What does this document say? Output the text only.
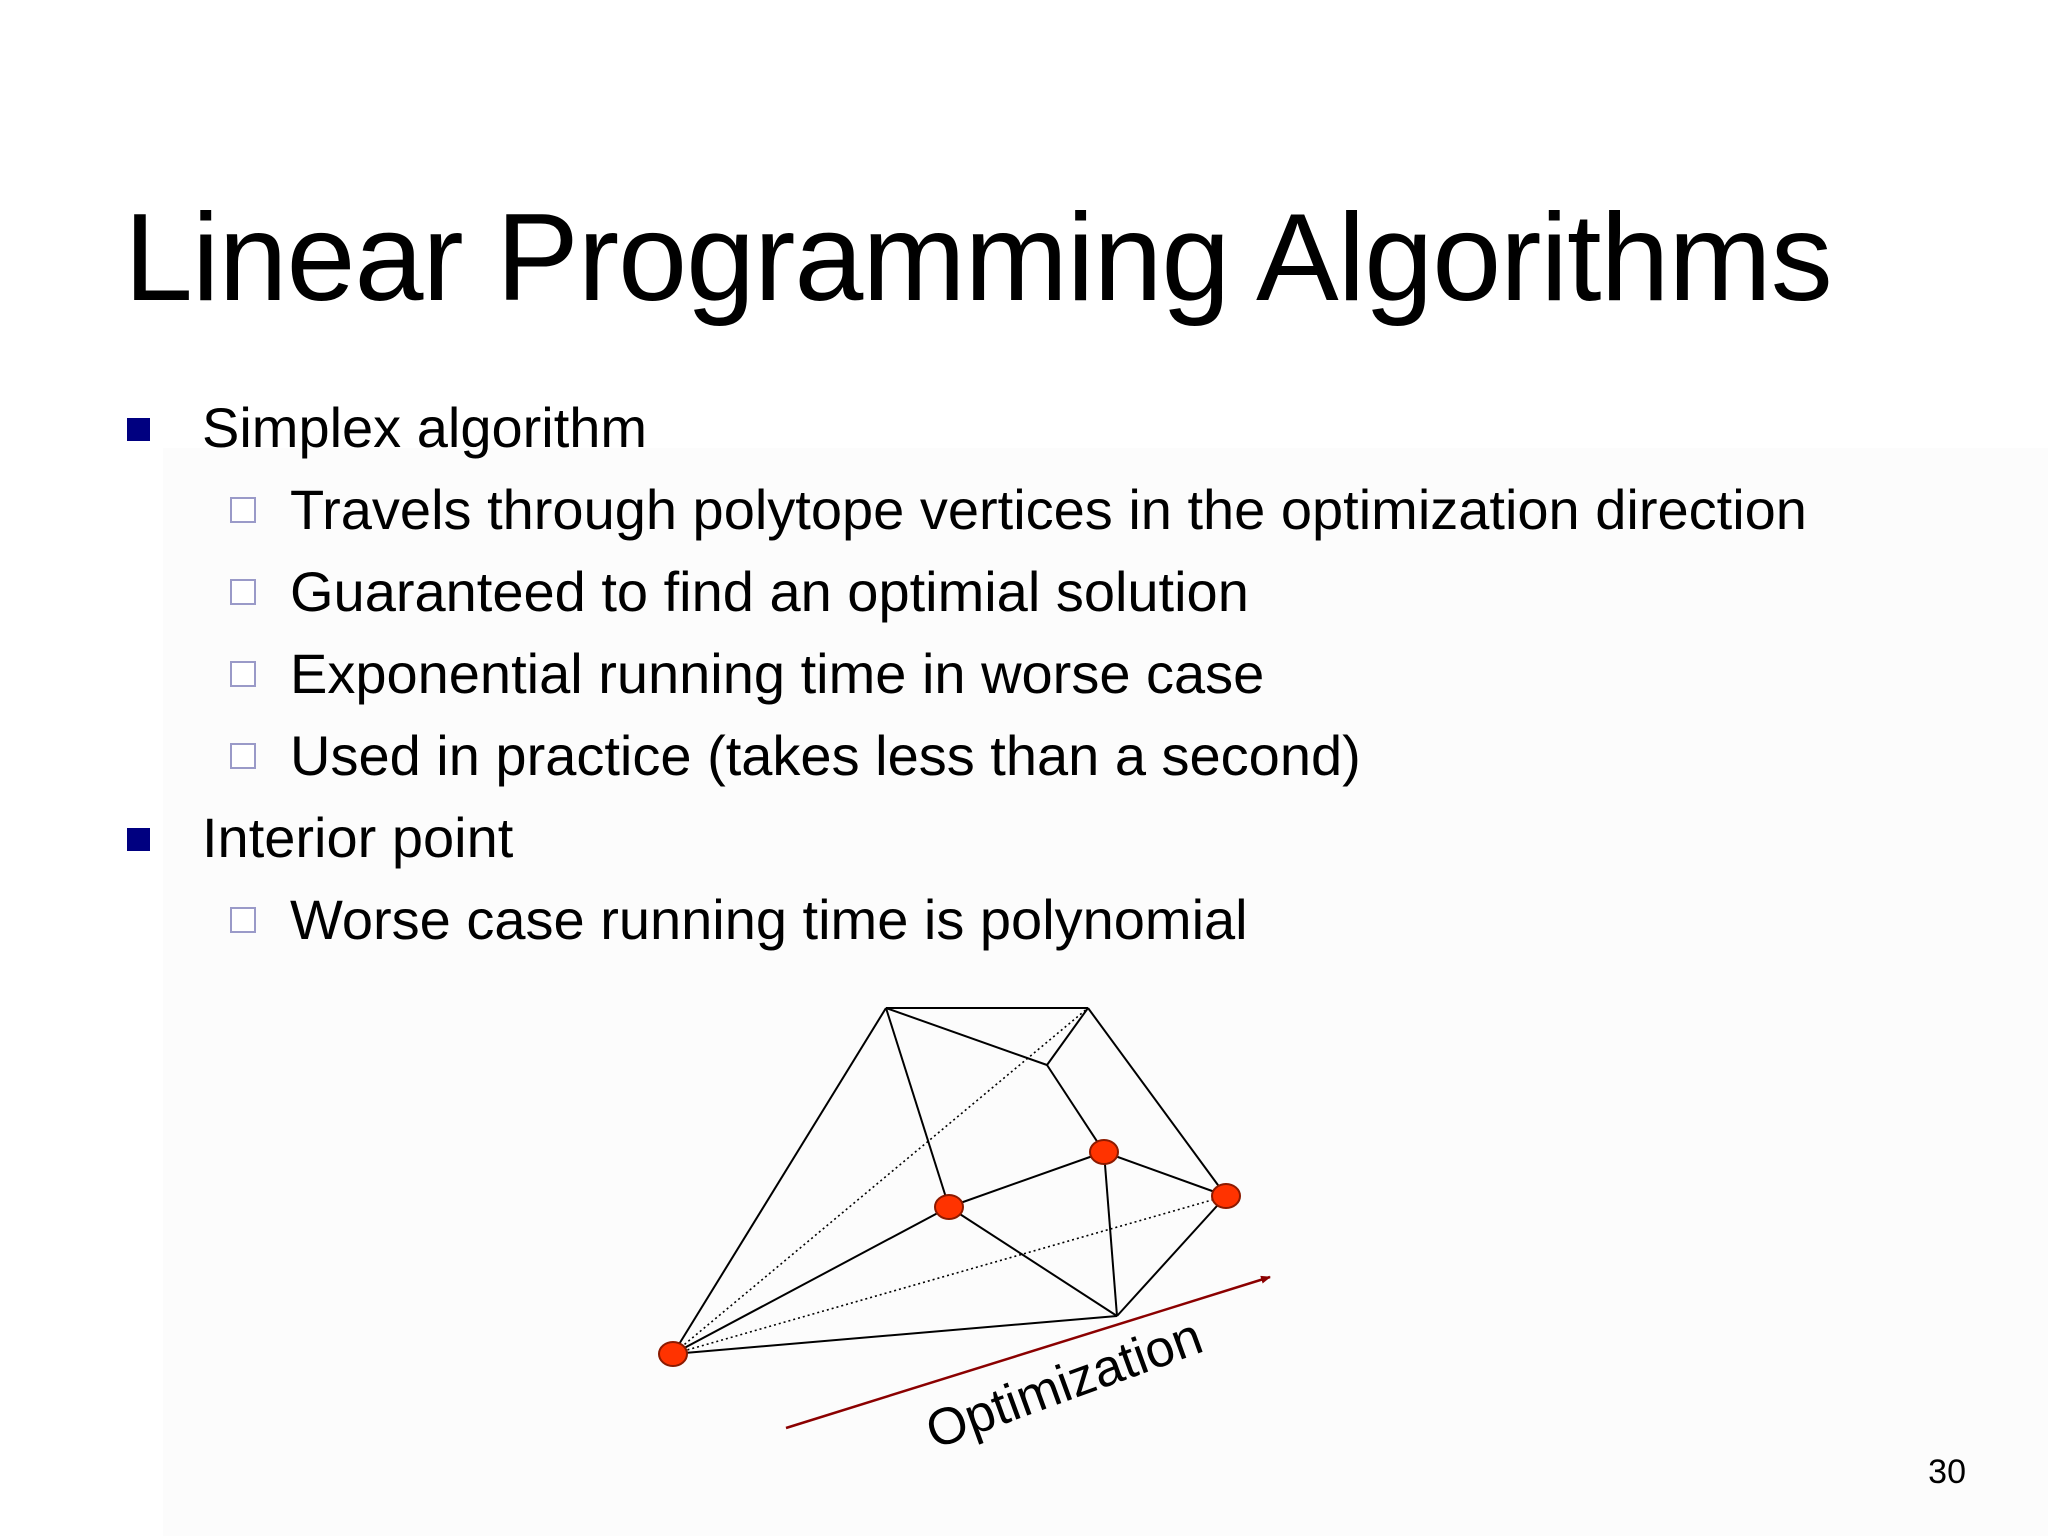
Linear Programming Algorithms
Simplex algorithm
Travels through polytope vertices in the optimization direction
Guaranteed to find an optimial solution
Exponential running time in worse case
Used in practice (takes less than a second)
Interior point
Worse case running time is polynomial
Optimization
30
